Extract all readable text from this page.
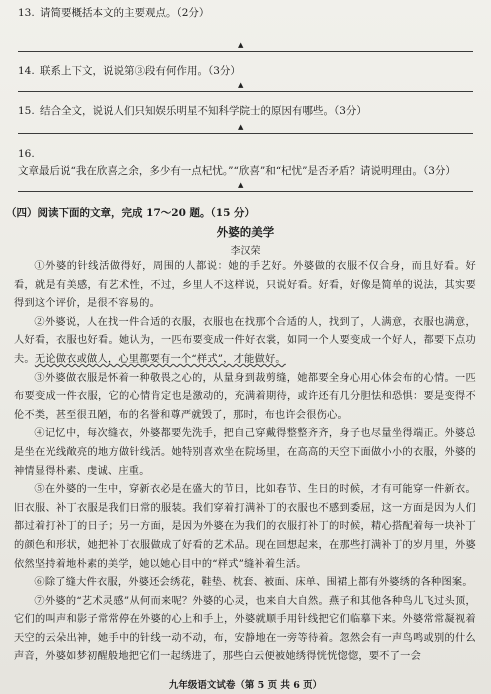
13. 请简要概括本文的主要观点。（2分）
▲
14. 联系上下文，说说第③段有何作用。（3分）
▲
15. 结合全文，说说人们只知娱乐明星不知科学院士的原因有哪些。（3分）
▲
16.文章最后说“我在欣喜之余，多少有一点杞忧。”“欣喜”和“杞忧”是否矛盾？请说明理由。（3分）
▲
（四）阅读下面的文章，完成 17～20 题。（15 分）
外婆的美学
李汉荣

①外婆的针线活做得好，周围的人都说：她的手艺好。外婆做的衣服不仅合身，而且好看。好看，就是有美感，有艺术性，不过，乡里人不这样说，只说好看。好看，好像是简单的说法，其实要得到这个评价，是很不容易的。

②外婆说，人在找一件合适的衣服，衣服也在找那个合适的人，找到了，人满意，衣服也满意，人好看，衣服也好看。她认为，一匹布要变成一件好衣裳，如同一个人要变成一个好人，都要下点功夫。无论做衣或做人，心里都要有一个“样式”，才能做好。

③外婆做衣服是怀着一种敬畏之心的，从量身到裁剪缝，她都要全身心用心体会布的心情。一匹布要变成一件衣服，它的心情肯定也是激动的，充满着期待，或许还有几分胆怯和恐惧：要是变得不伦不类，甚至很丑陋，布的名誉和尊严就毁了，那时，布也许会很伤心。

④记忆中，每次缝衣，外婆都要先洗手，把自己穿戴得整整齐齐，身子也尽量坐得端正。外婆总是坐在光线敞亮的地方做针线活。她特别喜欢坐在院场里，在高高的天空下面做小小的衣服，外婆的神情显得朴素、虔诚、庄重。

⑤在外婆的一生中，穿新衣必是在盛大的节日，比如春节、生日的时候，才有可能穿一件新衣。旧衣服、补丁衣服是我们日常的服装。我们穿着打满补丁的衣服也不感到委屈，这一方面是因为人们都过着打补丁的日子；另一方面，是因为外婆在为我们的衣服打补丁的时候，精心搭配着每一块补丁的颜色和形状，她把补丁衣服做成了好看的艺术品。现在回想起来，在那些打满补丁的岁月里，外婆依然坚持着地朴素的美学，她以她心目中的“样式”缝补着生活。

⑥除了缝大件衣服，外婆还会绣花，鞋垫、枕套、被面、床单、围裙上都有外婆绣的各种图案。

⑦外婆的“艺术灵感”从何而来呢？外婆的心灵，也来自大自然。燕子和其他各种鸟儿飞过头顶，它们的叫声和影子常常停在外婆的心上和手上，外婆就顺手用针线把它们临摹下来。外婆常常凝视着天空的云朵出神，她手中的针线一动不动，布，安静地在一旁等待着。忽然会有一声鸟鸣或别的什么声音，外婆如梦初醒般地把它们一起绣进了，那些白云便被她绣得恍恍惚惚，要不了一会

九年级语文试卷（第 5 页 共 6 页）
